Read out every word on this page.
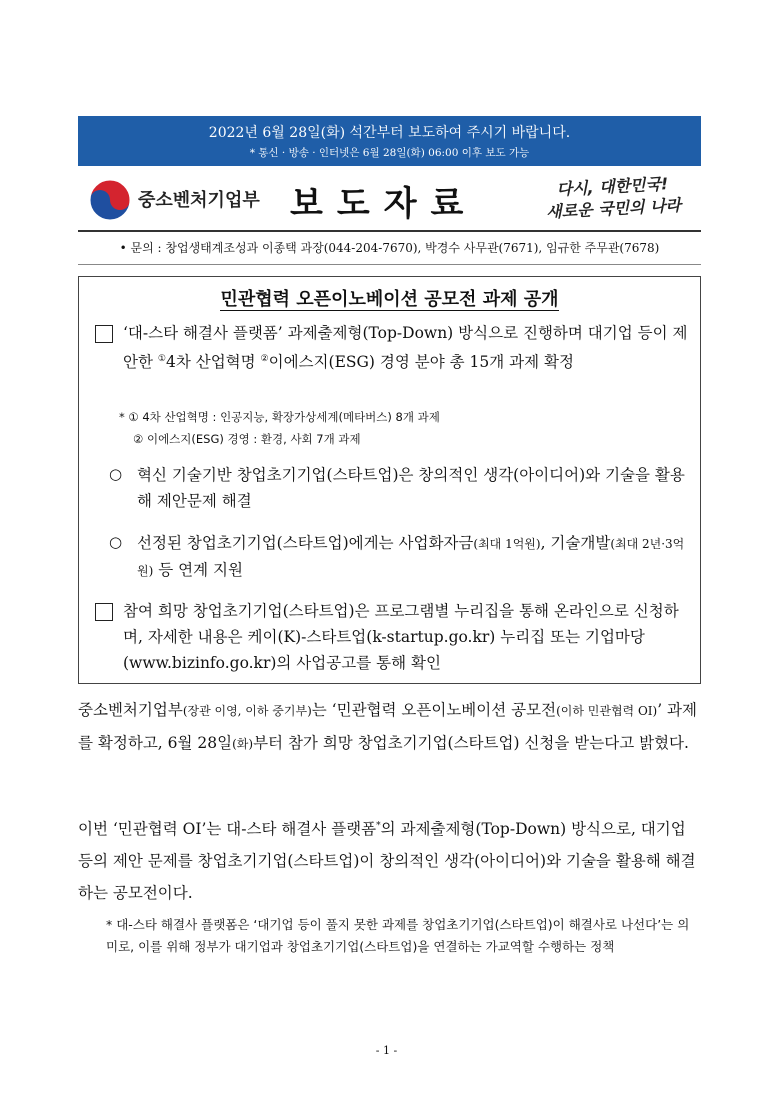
2022년 6월 28일(화) 석간부터 보도하여 주시기 바랍니다.
* 통신 · 방송 · 인터넷은 6월 28일(화) 06:00 이후 보도 가능
중소벤처기업부 보도자료	다시, 대한민국!
새로운 국민의 나라
• 문의 : 창업생태계조성과 이종택 과장(044-204-7670), 박경수 사무관(7671), 임규한 주무관(7678)
민관협력 오픈이노베이션 공모전 과제 공개
‘대-스타 해결사 플랫폼’ 과제출제형(Top-Down) 방식으로 진행하며 대기업 등이 제안한 ①4차 산업혁명 ②이에스지(ESG) 경영 분야 총 15개 과제 확정
* ① 4차 산업혁명 : 인공지능, 확장가상세계(메타버스) 8개 과제
② 이에스지(ESG) 경영 : 환경, 사회 7개 과제
○ 혁신 기술기반 창업초기기업(스타트업)은 창의적인 생각(아이디어)와 기술을 활용해 제안문제 해결
○ 선정된 창업초기기업(스타트업)에게는 사업화자금(최대 1억원), 기술개발(최대 2년·3억원) 등 연계 지원
참여 희망 창업초기기업(스타트업)은 프로그램별 누리집을 통해 온라인으로 신청하며, 자세한 내용은 케이(K)-스타트업(k-startup.go.kr) 누리집 또는 기업마당(www.bizinfo.go.kr)의 사업공고를 통해 확인
중소벤처기업부(장관 이영, 이하 중기부)는 ‘민관협력 오픈이노베이션 공모전(이하 민관협력 OI)’ 과제를 확정하고, 6월 28일(화)부터 참가 희망 창업초기기업(스타트업) 신청을 받는다고 밝혔다.
이번 ‘민관협력 OI’는 대-스타 해결사 플랫폼*의 과제출제형(Top-Down) 방식으로, 대기업 등의 제안 문제를 창업초기기업(스타트업)이 창의적인 생각(아이디어)와 기술을 활용해 해결하는 공모전이다.
* 대-스타 해결사 플랫폼은 ‘대기업 등이 풀지 못한 과제를 창업초기기업(스타트업)이 해결사로 나선다’는 의미로, 이를 위해 정부가 대기업과 창업초기기업(스타트업)을 연결하는 가교역할 수행하는 정책
- 1 -
